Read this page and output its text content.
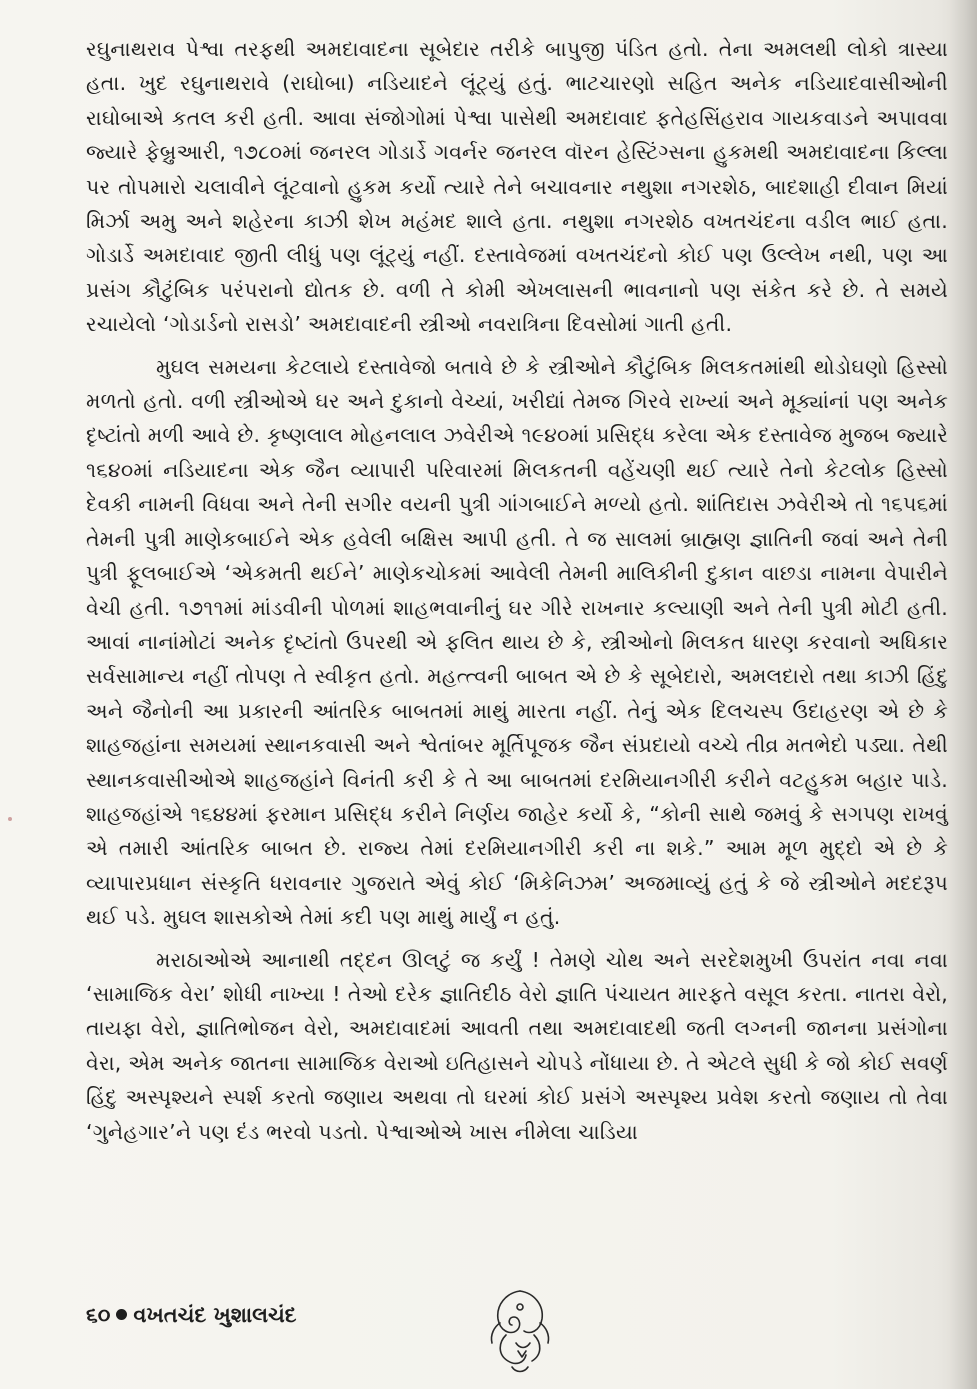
રઘુનાથરાવ પેશ્વા તરફથી અમદાવાદના સૂબેદાર તરીકે બાપુજી પંડિત હતો. તેના અમલથી લોકો ત્રાસ્યા હતા. ખુદ રઘુનાથરાવે (રાઘોબા) નડિયાદને લૂંટ્યું હતું. ભાટચારણો સહિત અનેક નડિયાદવાસીઓની રાઘોબાએ કતલ કરી હતી. આવા સંજોગોમાં પેશ્વા પાસેથી અમદાવાદ ફતેહસિંહરાવ ગાયકવાડને અપાવવા જ્યારે ફેબ્રુઆરી, ૧૭૮૦માં જનરલ ગોડાર્ડે ગવર્નર જનરલ વૉરન હેસ્ટિંગ્સના હુકમથી અમદાવાદના કિલ્લા પર તોપમારો ચલાવીને લૂંટવાનો હુકમ કર્યો ત્યારે તેને બચાવનાર નથુશા નગરશેઠ, બાદશાહી દીવાન મિયાં મિર્ઝા અમુ અને શહેરના કાઝી શેખ મહંમદ શાલે હતા. નથુશા નગરશેઠ વખતચંદના વડીલ ભાઈ હતા. ગોડાર્ડે અમદાવાદ જીતી લીધું પણ લૂંટ્યું નહીં. દસ્તાવેજમાં વખતચંદનો કોઈ પણ ઉલ્લેખ નથી, પણ આ પ્રસંગ કૌટુંબિક પરંપરાનો દ્યોતક છે. વળી તે કોમી એખલાસની ભાવનાનો પણ સંકેત કરે છે. તે સમયે રચાયેલો ‘ગોડાર્ડનો રાસડો’ અમદાવાદની સ્ત્રીઓ નવરાત્રિના દિવસોમાં ગાતી હતી.

મુઘલ સમયના કેટલાયે દસ્તાવેજો બતાવે છે કે સ્ત્રીઓને કૌટુંબિક મિલકતમાંથી થોડોઘણો હિસ્સો મળતો હતો. વળી સ્ત્રીઓએ ઘર અને દુકાનો વેચ્યાં, ખરીદ્યાં તેમજ ગિરવે રાખ્યાં અને મૂક્યાંનાં પણ અનેક દૃષ્ટાંતો મળી આવે છે. કૃષ્ણલાલ મોહનલાલ ઝવેરીએ ૧૯૪૦માં પ્રસિદ્ધ કરેલા એક દસ્તાવેજ મુજબ જ્યારે ૧૬૪૦માં નડિયાદના એક જૈન વ્યાપારી પરિવારમાં મિલકતની વહેંચણી થઈ ત્યારે તેનો કેટલોક હિસ્સો દેવકી નામની વિધવા અને તેની સગીર વયની પુત્રી ગાંગબાઈને મળ્યો હતો. શાંતિદાસ ઝવેરીએ તો ૧૬૫૬માં તેમની પુત્રી માણેકબાઈને એક હવેલી બક્ષિસ આપી હતી. તે જ સાલમાં બ્રાહ્મણ જ્ઞાતિની જવાં અને તેની પુત્રી ફૂલબાઈએ ‘એકમતી થઈને’ માણેકચોકમાં આવેલી તેમની માલિકીની દુકાન વાછડા નામના વેપારીને વેચી હતી. ૧૭૧૧માં માંડવીની પોળમાં શાહભવાનીનું ઘર ગીરે રાખનાર કલ્યાણી અને તેની પુત્રી મોટી હતી. આવાં નાનાંમોટાં અનેક દૃષ્ટાંતો ઉપરથી એ ફલિત થાય છે કે, સ્ત્રીઓનો મિલકત ધારણ કરવાનો અધિકાર સર્વસામાન્ય નહીં તોપણ તે સ્વીકૃત હતો. મહત્ત્વની બાબત એ છે કે સૂબેદારો, અમલદારો તથા કાઝી હિંદુ અને જૈનોની આ પ્રકારની આંતરિક બાબતમાં માથું મારતા નહીં. તેનું એક દિલચસ્પ ઉદાહરણ એ છે કે શાહજહાંના સમયમાં સ્થાનકવાસી અને શ્વેતાંબર મૂર્તિપૂજક જૈન સંપ્રદાયો વચ્ચે તીવ્ર મતભેદો પડ્યા. તેથી સ્થાનકવાસીઓએ શાહજહાંને વિનંતી કરી કે તે આ બાબતમાં દરમિયાનગીરી કરીને વટહુકમ બહાર પાડે. શાહજહાંએ ૧૬૪૪માં ફરમાન પ્રસિદ્ધ કરીને નિર્ણય જાહેર કર્યો કે, “કોની સાથે જમવું કે સગપણ રાખવું એ તમારી આંતરિક બાબત છે. રાજ્ય તેમાં દરમિયાનગીરી કરી ના શકે.” આમ મૂળ મુદ્દો એ છે કે વ્યાપારપ્રધાન સંસ્કૃતિ ધરાવનાર ગુજરાતે એવું કોઈ ‘મિકેનિઝમ’ અજમાવ્યું હતું કે જે સ્ત્રીઓને મદદરૂપ થઈ પડે. મુઘલ શાસકોએ તેમાં કદી પણ માથું માર્યું ન હતું.

મરાઠાઓએ આનાથી તદ્દન ઊલટું જ કર્યું ! તેમણે ચોથ અને સરદેશમુખી ઉપરાંત નવા નવા ‘સામાજિક વેરા’ શોધી નાખ્યા ! તેઓ દરેક જ્ઞાતિદીઠ વેરો જ્ઞાતિ પંચાયત મારફતે વસૂલ કરતા. નાતરા વેરો, તાયફા વેરો, જ્ઞાતિભોજન વેરો, અમદાવાદમાં આવતી તથા અમદાવાદથી જતી લગ્નની જાનના પ્રસંગોના વેરા, એમ અનેક જાતના સામાજિક વેરાઓ ઇતિહાસને ચોપડે નોંધાયા છે. તે એટલે સુધી કે જો કોઈ સવર્ણ હિંદુ અસ્પૃશ્યને સ્પર્શ કરતો જણાય અથવા તો ઘરમાં કોઈ પ્રસંગે અસ્પૃશ્ય પ્રવેશ કરતો જણાય તો તેવા ‘ગુનેહગાર’ને પણ દંડ ભરવો પડતો. પેશ્વાઓએ ખાસ નીમેલા ચાડિયા

૬૦ વખતચંદ ખુશાલચંદ
